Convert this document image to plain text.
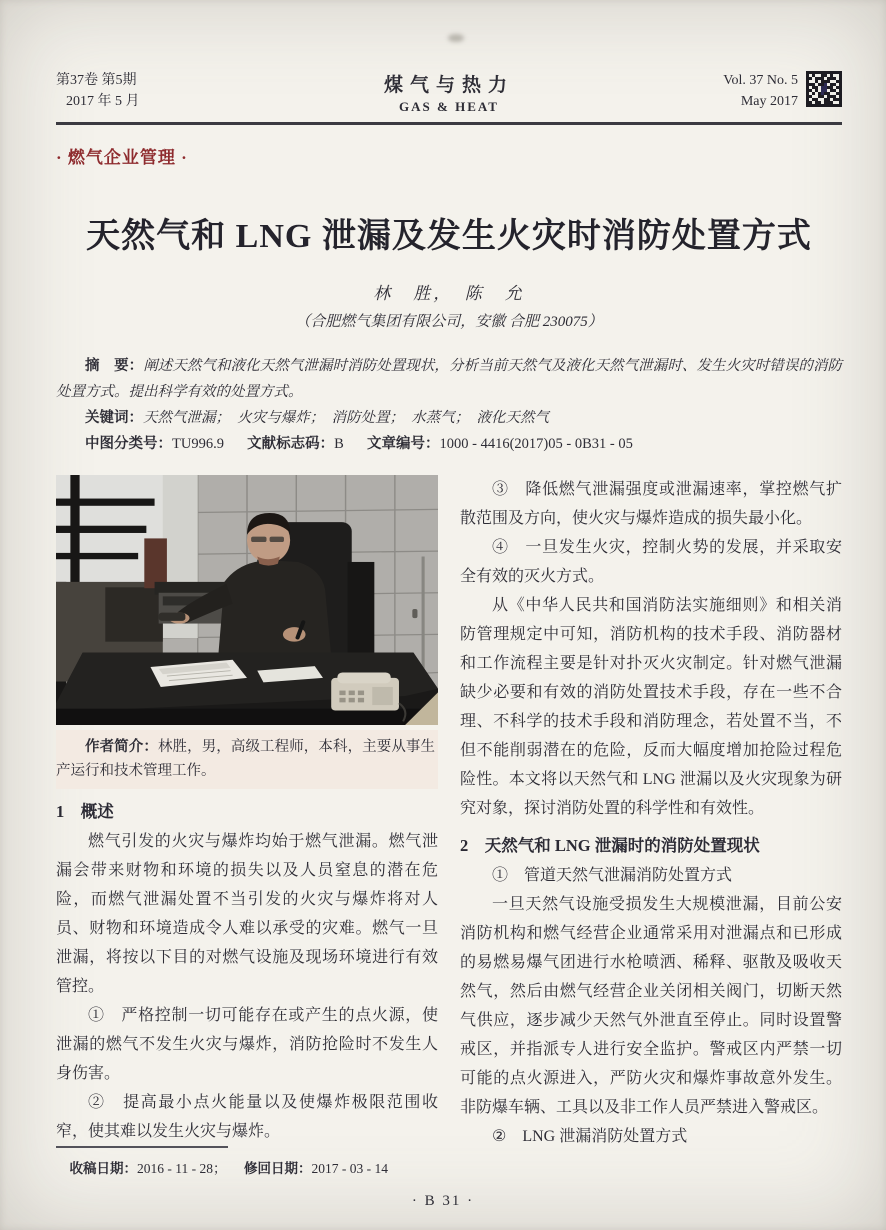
第37卷 第5期
2017 年 5 月
煤气与热力
GAS & HEAT
Vol. 37 No. 5
May 2017
· 燃气企业管理 ·
天然气和 LNG 泄漏及发生火灾时消防处置方式
林　胜，　陈　允
（合肥燃气集团有限公司，安徽 合肥 230075）

摘　要：阐述天然气和液化天然气泄漏时消防处置现状，分析当前天然气及液化天然气泄漏时、发生火灾时错误的消防处置方式。提出科学有效的处置方式。

关键词：天然气泄漏；　火灾与爆炸；　消防处置；　水蒸气；　液化天然气

中图分类号：TU996.9 文献标志码：B 文章编号：1000 - 4416(2017)05 - 0B31 - 05

作者简介：林胜，男，高级工程师，本科，主要从事生产运行和技术管理工作。

1　概述

燃气引发的火灾与爆炸均始于燃气泄漏。燃气泄漏会带来财物和环境的损失以及人员窒息的潜在危险，而燃气泄漏处置不当引发的火灾与爆炸将对人员、财物和环境造成令人难以承受的灾难。燃气一旦泄漏，将按以下目的对燃气设施及现场环境进行有效管控。

①　严格控制一切可能存在或产生的点火源，使泄漏的燃气不发生火灾与爆炸，消防抢险时不发生人身伤害。

②　提高最小点火能量以及使爆炸极限范围收窄，使其难以发生火灾与爆炸。

收稿日期：2016 - 11 - 28； 修回日期：2017 - 03 - 14

③　降低燃气泄漏强度或泄漏速率，掌控燃气扩散范围及方向，使火灾与爆炸造成的损失最小化。

④　一旦发生火灾，控制火势的发展，并采取安全有效的灭火方式。

从《中华人民共和国消防法实施细则》和相关消防管理规定中可知，消防机构的技术手段、消防器材和工作流程主要是针对扑灭火灾制定。针对燃气泄漏缺少必要和有效的消防处置技术手段，存在一些不合理、不科学的技术手段和消防理念，若处置不当，不但不能削弱潜在的危险，反而大幅度增加抢险过程危险性。本文将以天然气和 LNG 泄漏以及火灾现象为研究对象，探讨消防处置的科学性和有效性。

2　天然气和 LNG 泄漏时的消防处置现状

①　管道天然气泄漏消防处置方式

一旦天然气设施受损发生大规模泄漏，目前公安消防机构和燃气经营企业通常采用对泄漏点和已形成的易燃易爆气团进行水枪喷洒、稀释、驱散及吸收天然气，然后由燃气经营企业关闭相关阀门，切断天然气供应，逐步减少天然气外泄直至停止。同时设置警戒区，并指派专人进行安全监护。警戒区内严禁一切可能的点火源进入，严防火灾和爆炸事故意外发生。非防爆车辆、工具以及非工作人员严禁进入警戒区。

②　LNG 泄漏消防处置方式

· B 31 ·
